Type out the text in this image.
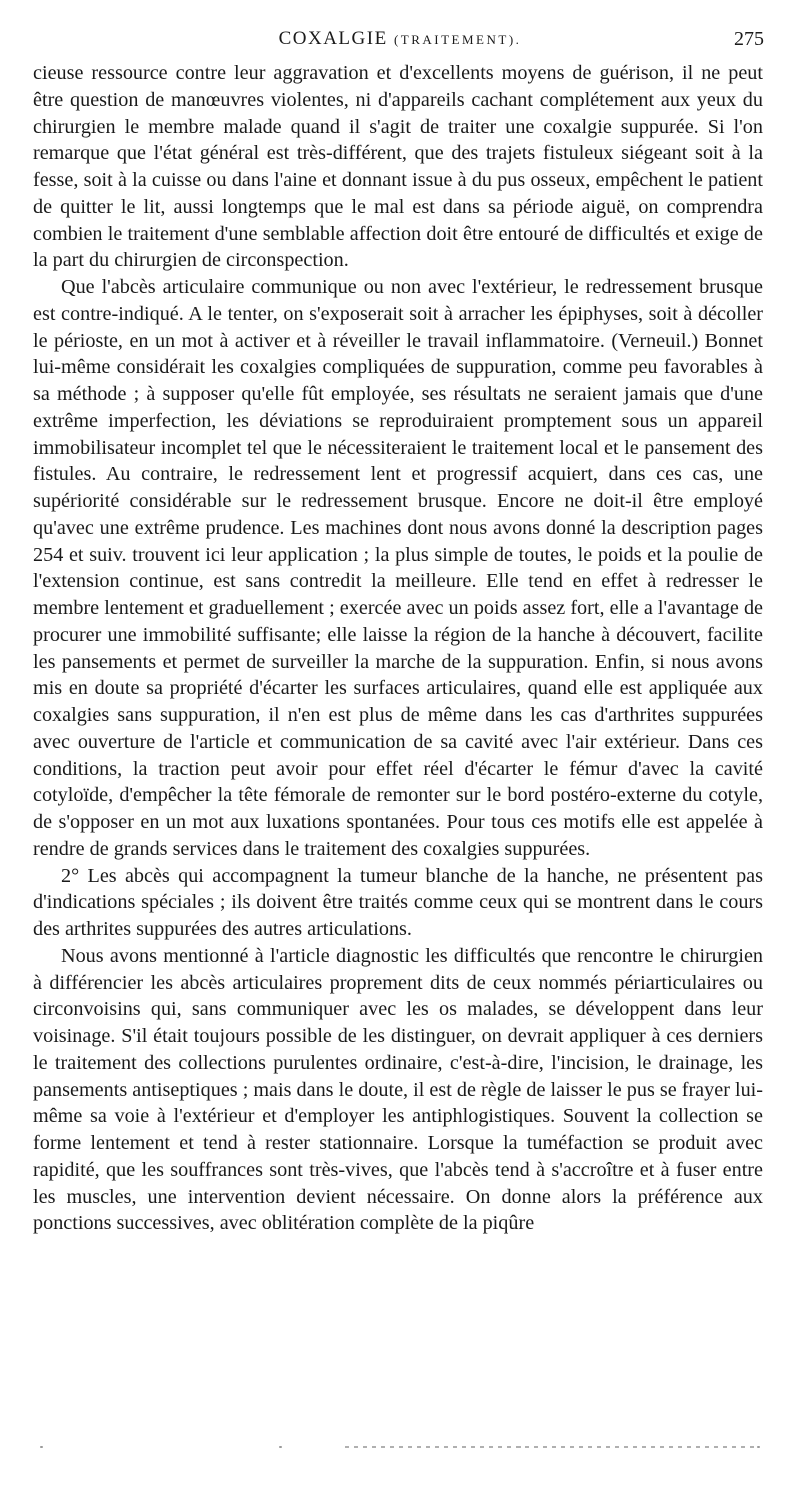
COXALGIE (TRAITEMENT).	275

cieuse ressource contre leur aggravation et d'excellents moyens de guérison, il ne peut être question de manœuvres violentes, ni d'appareils cachant complétement aux yeux du chirurgien le membre malade quand il s'agit de traiter une coxalgie suppurée. Si l'on remarque que l'état général est très-différent, que des trajets fistuleux siégeant soit à la fesse, soit à la cuisse ou dans l'aine et donnant issue à du pus osseux, empêchent le patient de quitter le lit, aussi longtemps que le mal est dans sa période aiguë, on comprendra combien le traitement d'une semblable affection doit être entouré de difficultés et exige de la part du chirurgien de circonspection.

Que l'abcès articulaire communique ou non avec l'extérieur, le redressement brusque est contre-indiqué. A le tenter, on s'exposerait soit à arracher les épiphyses, soit à décoller le périoste, en un mot à activer et à réveiller le travail inflammatoire. (Verneuil.) Bonnet lui-même considérait les coxalgies compliquées de suppuration, comme peu favorables à sa méthode ; à supposer qu'elle fût employée, ses résultats ne seraient jamais que d'une extrême imperfection, les déviations se reproduiraient promptement sous un appareil immobilisateur incomplet tel que le nécessiteraient le traitement local et le pansement des fistules. Au contraire, le redressement lent et progressif acquiert, dans ces cas, une supériorité considérable sur le redressement brusque. Encore ne doit-il être employé qu'avec une extrême prudence. Les machines dont nous avons donné la description pages 254 et suiv. trouvent ici leur application ; la plus simple de toutes, le poids et la poulie de l'extension continue, est sans contredit la meilleure. Elle tend en effet à redresser le membre lentement et graduellement ; exercée avec un poids assez fort, elle a l'avantage de procurer une immobilité suffisante; elle laisse la région de la hanche à découvert, facilite les pansements et permet de surveiller la marche de la suppuration. Enfin, si nous avons mis en doute sa propriété d'écarter les surfaces articulaires, quand elle est appliquée aux coxalgies sans suppuration, il n'en est plus de même dans les cas d'arthrites suppurées avec ouverture de l'article et communication de sa cavité avec l'air extérieur. Dans ces conditions, la traction peut avoir pour effet réel d'écarter le fémur d'avec la cavité cotyloïde, d'empêcher la tête fémorale de remonter sur le bord postéro-externe du cotyle, de s'opposer en un mot aux luxations spontanées. Pour tous ces motifs elle est appelée à rendre de grands services dans le traitement des coxalgies suppurées.

2° Les abcès qui accompagnent la tumeur blanche de la hanche, ne présentent pas d'indications spéciales ; ils doivent être traités comme ceux qui se montrent dans le cours des arthrites suppurées des autres articulations.

Nous avons mentionné à l'article diagnostic les difficultés que rencontre le chirurgien à différencier les abcès articulaires proprement dits de ceux nommés périarticulaires ou circonvoisins qui, sans communiquer avec les os malades, se développent dans leur voisinage. S'il était toujours possible de les distinguer, on devrait appliquer à ces derniers le traitement des collections purulentes ordinaire, c'est-à-dire, l'incision, le drainage, les pansements antiseptiques ; mais dans le doute, il est de règle de laisser le pus se frayer lui-même sa voie à l'extérieur et d'employer les antiphlogistiques. Souvent la collection se forme lentement et tend à rester stationnaire. Lorsque la tuméfaction se produit avec rapidité, que les souffrances sont très-vives, que l'abcès tend à s'accroître et à fuser entre les muscles, une intervention devient nécessaire. On donne alors la préférence aux ponctions successives, avec oblitération complète de la piqûre
